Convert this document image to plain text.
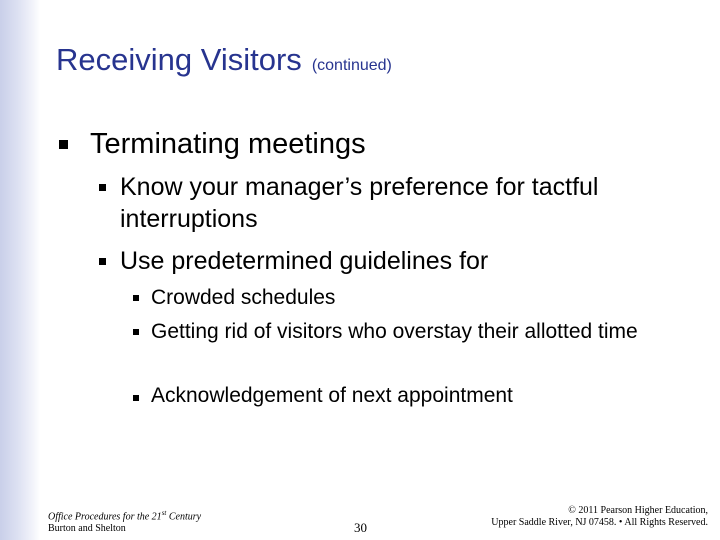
Receiving Visitors (continued)
Terminating meetings
Know your manager’s preference for tactful interruptions
Use predetermined guidelines for
Crowded schedules
Getting rid of visitors who overstay their allotted time
Acknowledgement of next appointment
Office Procedures for the 21st Century
Burton and Shelton	30
© 2011 Pearson Higher Education,
Upper Saddle River, NJ 07458. • All Rights Reserved.
